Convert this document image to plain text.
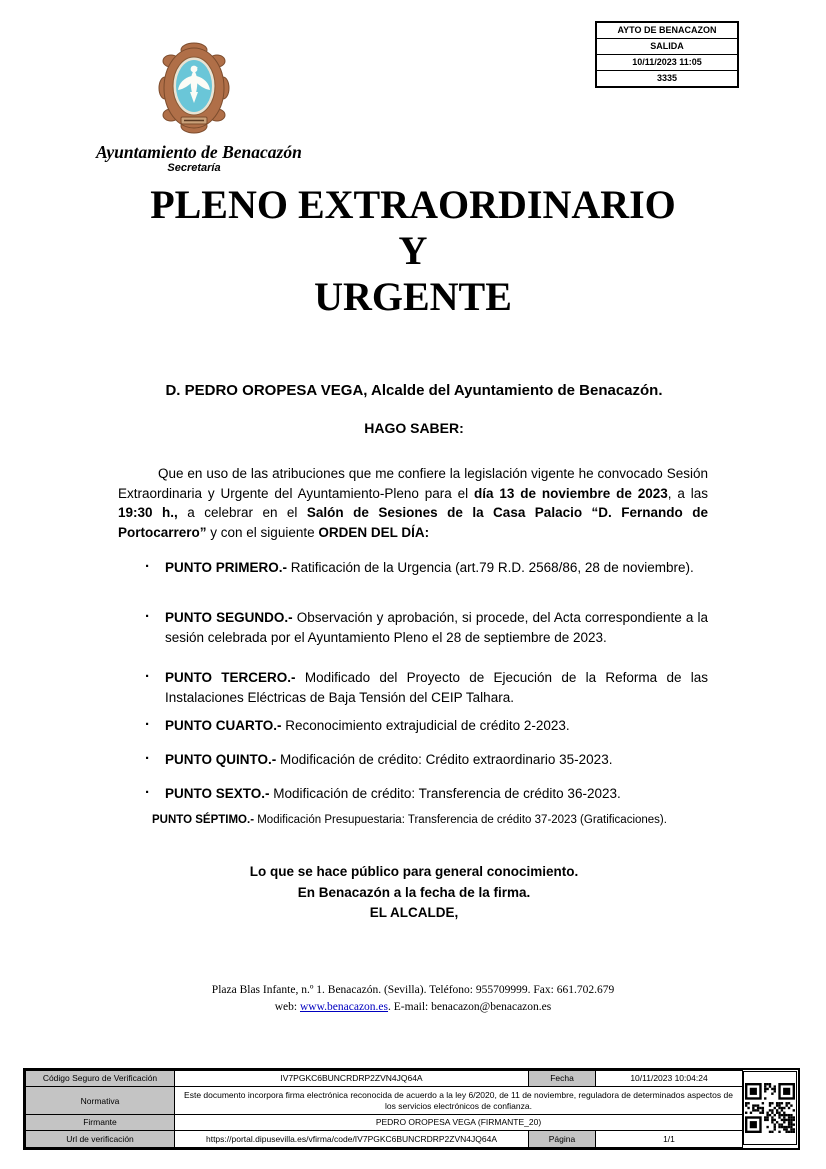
AYTO DE BENACAZON
SALIDA
10/11/2023 11:05
3335
Ayuntamiento de Benacazón
Secretaría
PLENO EXTRAORDINARIO
Y
URGENTE
D. PEDRO OROPESA VEGA, Alcalde del Ayuntamiento de Benacazón.
HAGO SABER:
Que en uso de las atribuciones que me confiere la legislación vigente he convocado Sesión Extraordinaria y Urgente del Ayuntamiento-Pleno para el día 13 de noviembre de 2023, a las 19:30 h., a celebrar en el Salón de Sesiones de la Casa Palacio “D. Fernando de Portocarrero” y con el siguiente ORDEN DEL DÍA:
· PUNTO PRIMERO.- Ratificación de la Urgencia (art.79 R.D. 2568/86, 28 de noviembre).
· PUNTO SEGUNDO.- Observación y aprobación, si procede, del Acta correspondiente a la sesión celebrada por el Ayuntamiento Pleno el 28 de septiembre de 2023.
· PUNTO TERCERO.- Modificado del Proyecto de Ejecución de la Reforma de las Instalaciones Eléctricas de Baja Tensión del CEIP Talhara.
· PUNTO CUARTO.- Reconocimiento extrajudicial de crédito 2-2023.
· PUNTO QUINTO.- Modificación de crédito: Crédito extraordinario 35-2023.
· PUNTO SEXTO.- Modificación de crédito: Transferencia de crédito 36-2023.
PUNTO SÉPTIMO.- Modificación Presupuestaria: Transferencia de crédito 37-2023 (Gratificaciones).
Lo que se hace público para general conocimiento.
En Benacazón a la fecha de la firma.
EL ALCALDE,
Plaza Blas Infante, n.º 1. Benacazón. (Sevilla). Teléfono: 955709999. Fax: 661.702.679
web: www.benacazon.es. E-mail: benacazon@benacazon.es
Código Seguro de Verificación	IV7PGKC6BUNCRDRP2ZVN4JQ64A	Fecha	10/11/2023 10:04:24
Normativa	Este documento incorpora firma electrónica reconocida de acuerdo a la ley 6/2020, de 11 de noviembre, reguladora de determinados aspectos de los servicios electrónicos de confianza.		
Firmante	PEDRO OROPESA VEGA (FIRMANTE_20)		
Url de verificación	https://portal.dipusevilla.es/vfirma/code/IV7PGKC6BUNCRDRP2ZVN4JQ64A	Página	1/1
